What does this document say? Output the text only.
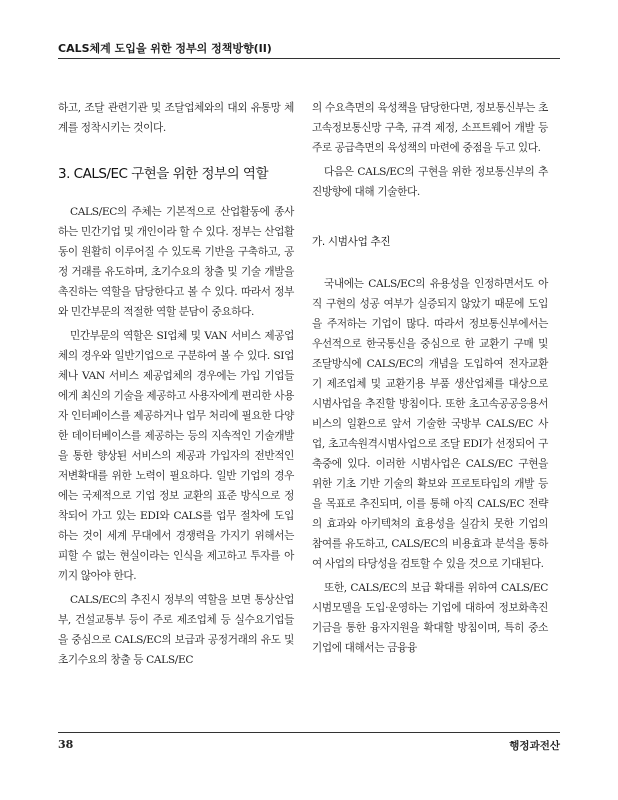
CALS체계 도입을 위한 정부의 정책방향(II)

하고, 조달 관련기관 및 조달업체와의 대외 유통망 체계를 정착시키는 것이다.

3. CALS/EC 구현을 위한 정부의 역할

CALS/EC의 주체는 기본적으로 산업활동에 종사하는 민간기업 및 개인이라 할 수 있다. 정부는 산업활동이 원활히 이루어질 수 있도록 기반을 구축하고, 공정 거래를 유도하며, 초기수요의 창출 및 기술 개발을 촉진하는 역할을 담당한다고 볼 수 있다. 따라서 정부와 민간부문의 적절한 역할 분담이 중요하다.

민간부문의 역할은 SI업체 및 VAN 서비스 제공업체의 경우와 일반기업으로 구분하여 볼 수 있다. SI업체나 VAN 서비스 제공업체의 경우에는 가입 기업들에게 최신의 기술을 제공하고 사용자에게 편리한 사용자 인터페이스를 제공하거나 업무 처리에 필요한 다양한 데이터베이스를 제공하는 등의 지속적인 기술개발을 통한 향상된 서비스의 제공과 가입자의 전반적인 저변확대를 위한 노력이 필요하다. 일반 기업의 경우에는 국제적으로 기업 정보 교환의 표준 방식으로 정착되어 가고 있는 EDI와 CALS를 업무 절차에 도입하는 것이 세계 무대에서 경쟁력을 가지기 위해서는 피할 수 없는 현실이라는 인식을 제고하고 투자를 아끼지 않아야 한다.

CALS/EC의 추진시 정부의 역할을 보면 통상산업부, 건설교통부 등이 주로 제조업체 등 실수요기업들을 중심으로 CALS/EC의 보급과 공정거래의 유도 및 초기수요의 창출 등 CALS/EC

의 수요측면의 육성책을 담당한다면, 정보통신부는 초고속정보통신망 구축, 규격 제정, 소프트웨어 개발 등 주로 공급측면의 육성책의 마련에 중점을 두고 있다.

다음은 CALS/EC의 구현을 위한 정보통신부의 추진방향에 대해 기술한다.

가. 시범사업 추진

국내에는 CALS/EC의 유용성을 인정하면서도 아직 구현의 성공 여부가 실증되지 않았기 때문에 도입을 주저하는 기업이 많다. 따라서 정보통신부에서는 우선적으로 한국통신을 중심으로 한 교환기 구매 및 조달방식에 CALS/EC의 개념을 도입하여 전자교환기 제조업체 및 교환기용 부품 생산업체를 대상으로 시범사업을 추진할 방침이다. 또한 초고속공공응용서비스의 일환으로 앞서 기술한 국방부 CALS/EC 사업, 초고속원격시범사업으로 조달 EDI가 선정되어 구축중에 있다. 이러한 시범사업은 CALS/EC 구현을 위한 기초 기반 기술의 확보와 프로토타입의 개발 등을 목표로 추진되며, 이를 통해 아직 CALS/EC 전략의 효과와 아키텍쳐의 효용성을 실감치 못한 기업의 참여를 유도하고, CALS/EC의 비용효과 분석을 통하여 사업의 타당성을 검토할 수 있을 것으로 기대된다.

또한, CALS/EC의 보급 확대를 위하여 CALS/EC 시범모델을 도입·운영하는 기업에 대하여 정보화촉진기금을 통한 융자지원을 확대할 방침이며, 특히 중소기업에 대해서는 금융융

38	행정과전산
